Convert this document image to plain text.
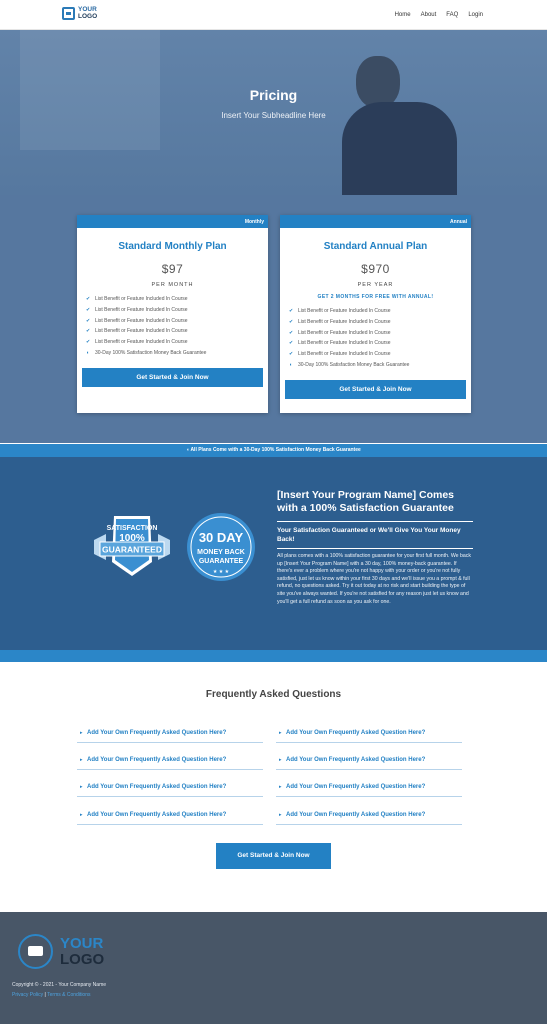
YOUR
LOGO	Home About FAQ Login
Pricing
Insert Your Subheadline Here
Monthly
Standard Monthly Plan
$97
PER MONTH
✔ List Benefit or Feature Included In Course
✔ List Benefit or Feature Included In Course
✔ List Benefit or Feature Included In Course
✔ List Benefit or Feature Included In Course
✔ List Benefit or Feature Included In Course
◖	30-Day 100% Satisfaction Money Back Guarantee
Get Started & Join Now
Annual
Standard Annual Plan
$970
PER YEAR
GET 2 MONTHS FOR FREE WITH ANNUAL!
✔ List Benefit or Feature Included In Course
✔ List Benefit or Feature Included In Course
✔ List Benefit or Feature Included In Course
✔ List Benefit or Feature Included In Course
✔ List Benefit or Feature Included In Course
◖	30-Day 100% Satisfaction Money Back Guarantee
Get Started & Join Now
◖ All Plans Come with a 30-Day 100% Satisfaction Money Back Guarantee
SATISFACTION
100%
GUARANTEED
30 DAY
MONEY BACK
GUARANTEE
★ ★ ★
[Insert Your Program Name] Comes with a 100% Satisfaction Guarantee
Your Satisfaction Guaranteed or We'll Give You Your Money Back!
All plans comes with a 100% satisfaction guarantee for your first full month. We back up [Insert Your Program Name] with a 30 day, 100% money-back guarantee. If there's ever a problem where you're not happy with your order or you're not fully satisfied, just let us know within your first 30 days and we'll issue you a prompt & full refund, no questions asked. Try it out today at no risk and start building the type of site you've always wanted. If you're not satisfied for any reason just let us know and you'll get a full refund as soon as you ask for one.
Frequently Asked Questions
▸ Add Your Own Frequently Asked Question Here?	▸ Add Your Own Frequently Asked Question Here?
▸ Add Your Own Frequently Asked Question Here?	▸ Add Your Own Frequently Asked Question Here?
▸ Add Your Own Frequently Asked Question Here?	▸ Add Your Own Frequently Asked Question Here?
▸ Add Your Own Frequently Asked Question Here?	▸ Add Your Own Frequently Asked Question Here?
Get Started & Join Now
YOUR
LOGO
Copyright © - 2021 - Your Company Name
Privacy Policy | Terms & Conditions
